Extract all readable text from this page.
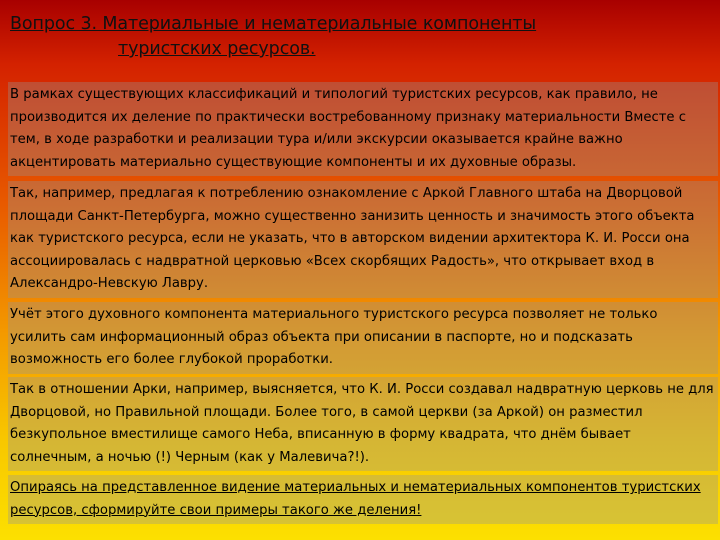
Вопрос 3. Материальные и нематериальные компоненты
туристских ресурсов.

В рамках существующих классификаций и типологий туристских ресурсов, как правило, не производится их деление по практически востребованному признаку материальности Вместе с тем, в ходе разработки и реализации тура и/или экскурсии оказывается крайне важно акцентировать материально существующие компоненты и их духовные образы.

Так, например, предлагая к потреблению ознакомление с Аркой Главного штаба на Дворцовой площади Санкт-Петербурга, можно существенно занизить ценность и значимость этого объекта как туристского ресурса, если не указать, что в авторском видении архитектора К. И. Росси она ассоциировалась с надвратной церковью «Всех скорбящих Радость», что открывает вход в Александро-Невскую Лавру.

Учёт этого духовного компонента материального туристского ресурса позволяет не только усилить сам информационный образ объекта при описании в паспорте, но и подсказать возможность его более глубокой проработки.

Так в отношении Арки, например, выясняется, что К. И. Росси создавал надвратную церковь не для Дворцовой, но Правильной площади. Более того, в самой церкви (за Аркой) он разместил безкупольное вместилище самого Неба, вписанную в форму квадрата, что днём бывает солнечным, а ночью (!) Черным (как у Малевича?!).

Опираясь на представленное видение материальных и нематериальных компонентов туристских ресурсов, сформируйте свои примеры такого же деления!
